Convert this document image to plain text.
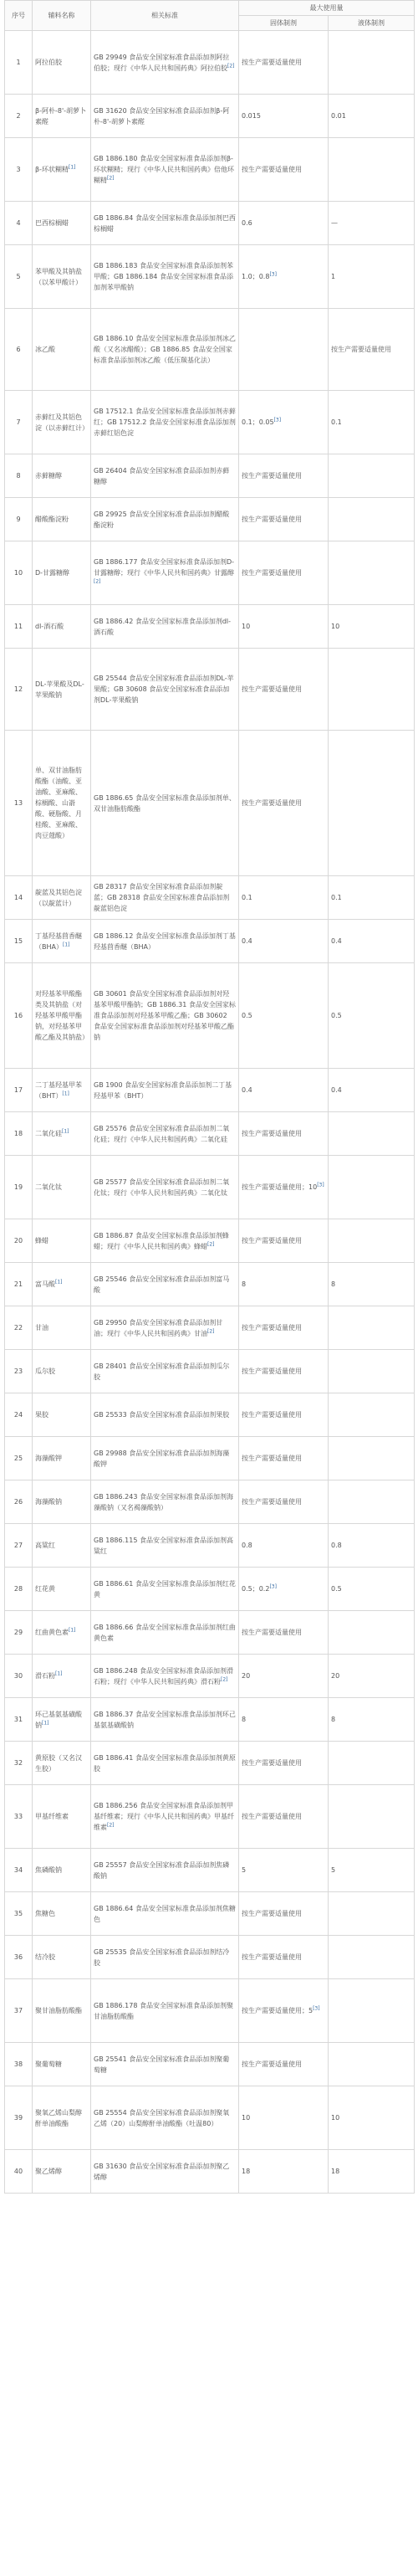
序号	辅料名称	相关标准	最大使用量	
			固体制剂	液体制剂
1	阿拉伯胶	GB 29949 食品安全国家标准食品添加剂阿拉伯胶；现行《中华人民共和国药典》阿拉伯胶[2]	按生产需要适量使用	
2	β-阿朴-8'-胡萝卜素醛	GB 31620 食品安全国家标准食品添加剂β-阿朴-8'-胡萝卜素醛	0.015	0.01
3	β-环状糊精[1]	GB 1886.180 食品安全国家标准食品添加剂β-环状糊精；现行《中华人民共和国药典》倍他环糊精[2]	按生产需要适量使用	
4	巴西棕榈蜡	GB 1886.84 食品安全国家标准食品添加剂巴西棕榈蜡	0.6	—
5	苯甲酸及其钠盐（以苯甲酸计）	GB 1886.183 食品安全国家标准食品添加剂苯甲酸；GB 1886.184 食品安全国家标准食品添加剂苯甲酸钠	1.0；0.8[3]	1
6	冰乙酸	GB 1886.10 食品安全国家标准食品添加剂冰乙酸（又名冰醋酸）；GB 1886.85 食品安全国家标准食品添加剂冰乙酸（低压羰基化法）		按生产需要适量使用
7	赤藓红及其铝色淀（以赤藓红计）	GB 17512.1 食品安全国家标准食品添加剂赤藓红；GB 17512.2 食品安全国家标准食品添加剂赤藓红铝色淀	0.1；0.05[3]	0.1
8	赤藓糖醇	GB 26404 食品安全国家标准食品添加剂赤藓糖醇	按生产需要适量使用	
9	醋酸酯淀粉	GB 29925 食品安全国家标准食品添加剂醋酸酯淀粉	按生产需要适量使用	
10	D-甘露糖醇	GB 1886.177 食品安全国家标准食品添加剂D-甘露糖醇；现行《中华人民共和国药典》甘露醇[2]	按生产需要适量使用	
11	dl-酒石酸	GB 1886.42 食品安全国家标准食品添加剂dl-酒石酸	10	10
12	DL-苹果酸及DL-苹果酸钠	GB 25544 食品安全国家标准食品添加剂DL-苹果酸；GB 30608 食品安全国家标准食品添加剂DL-苹果酸钠	按生产需要适量使用	
13	单、双甘油脂肪酸酯（油酸、亚油酸、亚麻酸、棕榈酸、山嵛酸、硬脂酸、月桂酸、亚麻酸、肉豆蔻酸）	GB 1886.65 食品安全国家标准食品添加剂单、双甘油脂肪酸酯	按生产需要适量使用	
14	靛蓝及其铝色淀（以靛蓝计）	GB 28317 食品安全国家标准食品添加剂靛蓝；GB 28318 食品安全国家标准食品添加剂靛蓝铝色淀	0.1	0.1
15	丁基羟基茴香醚（BHA）[1]	GB 1886.12 食品安全国家标准食品添加剂丁基羟基茴香醚（BHA）	0.4	0.4
16	对羟基苯甲酸酯类及其钠盐（对羟基苯甲酸甲酯钠，对羟基苯甲酸乙酯及其钠盐）	GB 30601 食品安全国家标准食品添加剂对羟基苯甲酸甲酯钠；GB 1886.31 食品安全国家标准食品添加剂对羟基苯甲酸乙酯；GB 30602 食品安全国家标准食品添加剂对羟基苯甲酸乙酯钠	0.5	0.5
17	二丁基羟基甲苯（BHT）[1]	GB 1900 食品安全国家标准食品添加剂二丁基羟基甲苯（BHT）	0.4	0.4
18	二氧化硅[1]	GB 25576 食品安全国家标准食品添加剂二氧化硅；现行《中华人民共和国药典》二氧化硅	按生产需要适量使用	
19	二氧化钛	GB 25577 食品安全国家标准食品添加剂二氧化钛；现行《中华人民共和国药典》二氧化钛	按生产需要适量使用；10[3]	
20	蜂蜡	GB 1886.87 食品安全国家标准食品添加剂蜂蜡；现行《中华人民共和国药典》蜂蜡[2]	按生产需要适量使用	
21	富马酸[1]	GB 25546 食品安全国家标准食品添加剂富马酸	8	8
22	甘油	GB 29950 食品安全国家标准食品添加剂甘油；现行《中华人民共和国药典》甘油[2]	按生产需要适量使用	
23	瓜尔胶	GB 28401 食品安全国家标准食品添加剂瓜尔胶	按生产需要适量使用	
24	果胶	GB 25533 食品安全国家标准食品添加剂果胶	按生产需要适量使用	
25	海藻酸钾	GB 29988 食品安全国家标准食品添加剂海藻酸钾	按生产需要适量使用	
26	海藻酸钠	GB 1886.243 食品安全国家标准食品添加剂海藻酸钠（又名褐藻酸钠）	按生产需要适量使用	
27	高粱红	GB 1886.115 食品安全国家标准食品添加剂高粱红	0.8	0.8
28	红花黄	GB 1886.61 食品安全国家标准食品添加剂红花黄	0.5；0.2[3]	0.5
29	红曲黄色素[1]	GB 1886.66 食品安全国家标准食品添加剂红曲黄色素	按生产需要适量使用	
30	滑石粉[1]	GB 1886.248 食品安全国家标准食品添加剂滑石粉；现行《中华人民共和国药典》滑石粉[2]	20	20
31	环己基氨基磺酸钠[1]	GB 1886.37 食品安全国家标准食品添加剂环己基氨基磺酸钠	8	8
32	黄原胶（又名汉生胶）	GB 1886.41 食品安全国家标准食品添加剂黄原胶	按生产需要适量使用	
33	甲基纤维素	GB 1886.256 食品安全国家标准食品添加剂甲基纤维素；现行《中华人民共和国药典》甲基纤维素[2]	按生产需要适量使用	
34	焦磷酸钠	GB 25557 食品安全国家标准食品添加剂焦磷酸钠	5	5
35	焦糖色	GB 1886.64 食品安全国家标准食品添加剂焦糖色	按生产需要适量使用	
36	结冷胶	GB 25535 食品安全国家标准食品添加剂结冷胶	按生产需要适量使用	
37	聚甘油脂肪酸酯	GB 1886.178 食品安全国家标准食品添加剂聚甘油脂肪酸酯	按生产需要适量使用；5[3]	
38	聚葡萄糖	GB 25541 食品安全国家标准食品添加剂聚葡萄糖	按生产需要适量使用	
39	聚氧乙烯山梨醇酐单油酸酯	GB 25554 食品安全国家标准食品添加剂聚氧乙烯（20）山梨醇酐单油酸酯（吐温80）	10	10
40	聚乙烯醇	GB 31630 食品安全国家标准食品添加剂聚乙烯醇	18	18
